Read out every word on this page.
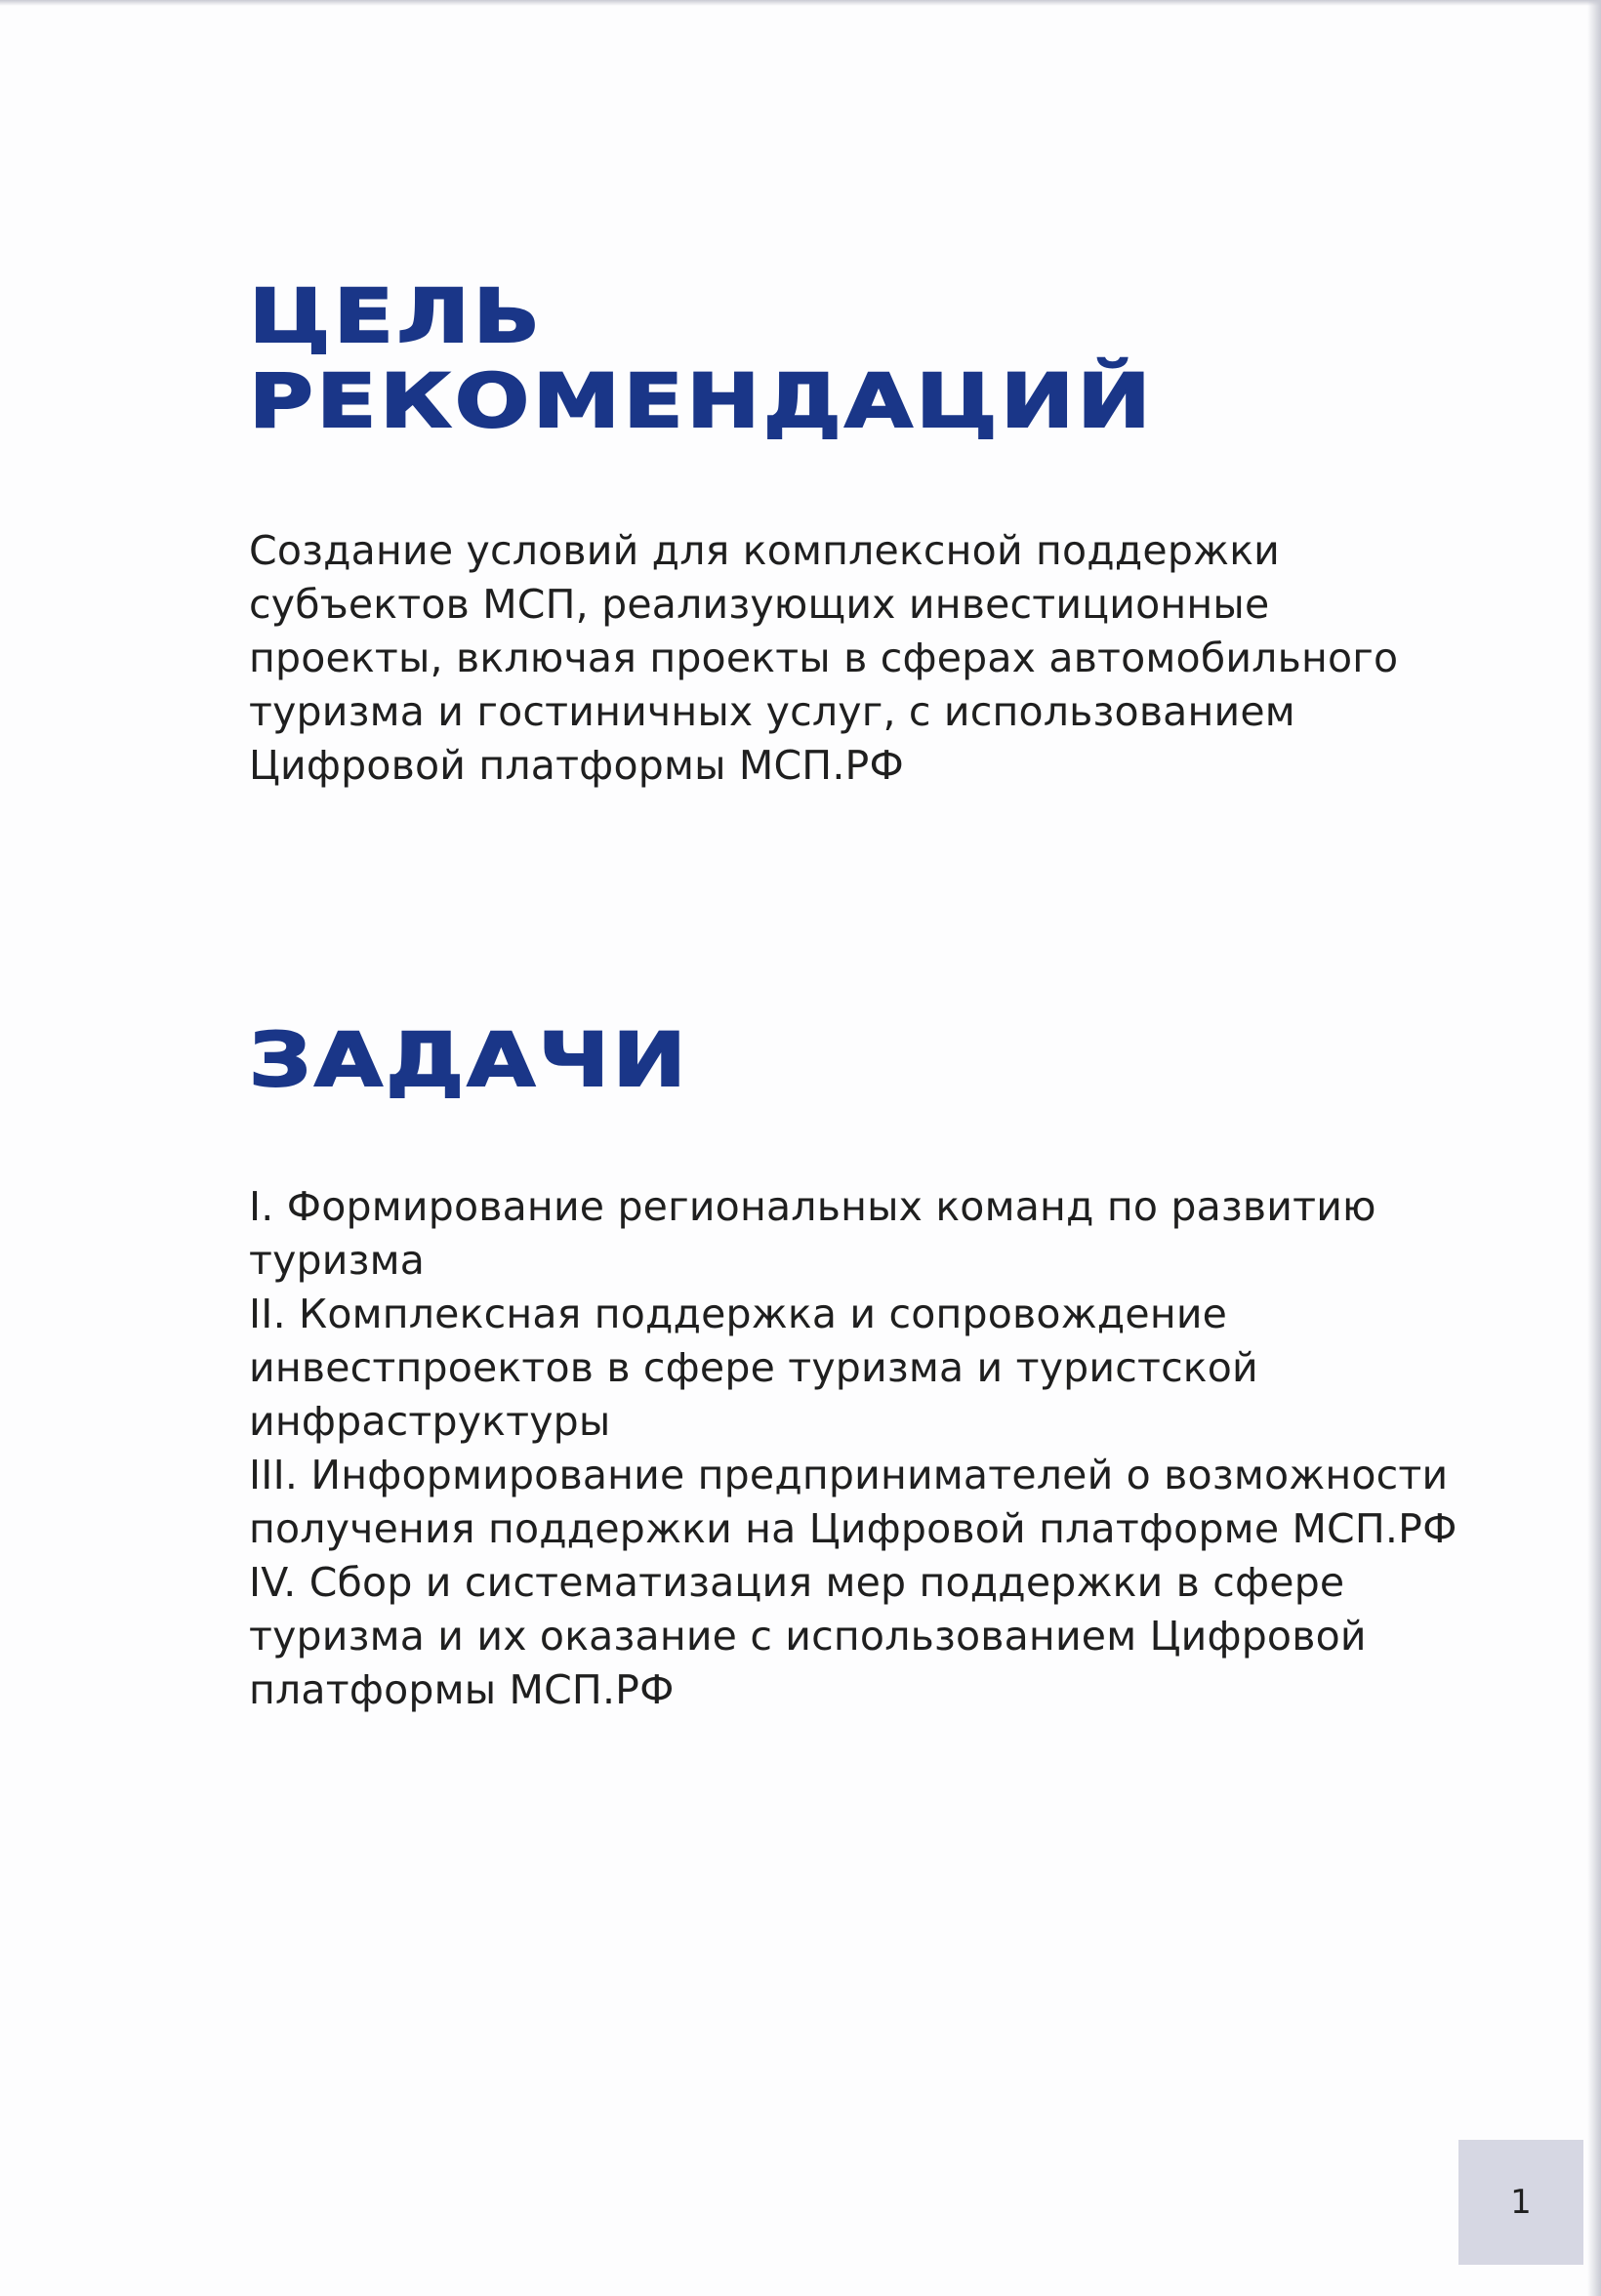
ЦЕЛЬ
РЕКОМЕНДАЦИЙ

Создание условий для комплексной поддержки субъектов МСП, реализующих инвестиционные проекты, включая проекты в сферах автомобильного туризма и гостиничных услуг, с использованием Цифровой платформы МСП.РФ

ЗАДАЧИ
I. Формирование региональных команд по развитию туризма
II. Комплексная поддержка и сопровождение инвестпроектов в сфере туризма и туристской инфраструктуры
III. Информирование предпринимателей о возможности получения поддержки на Цифровой платформе МСП.РФ
IV. Сбор и систематизация мер поддержки в сфере туризма и их оказание с использованием Цифровой платформы МСП.РФ
1
